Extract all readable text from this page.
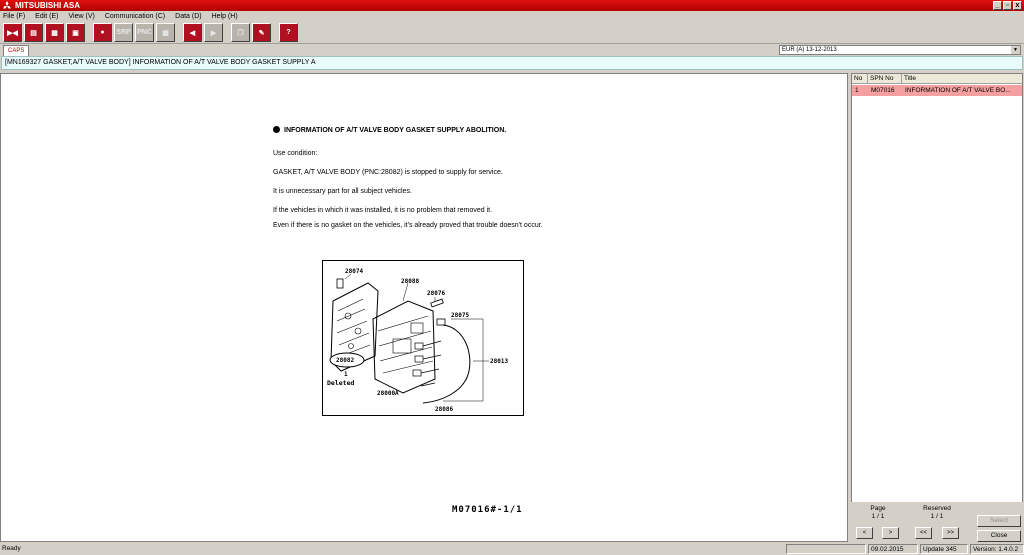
MITSUBISHI ASA	_ ▫ x
File (F) Edit (E) View (V) Communication (C) Data (D) Help (H)
▶◀ ▤ ▦ ▣	●	SRP PNC	▦	◀ ▶	❐ ✎	?
CAPS	EUR (A) 13-12-2013	▼
[MN169327 GASKET,A/T VALVE BODY] INFORMATION OF A/T VALVE BODY GASKET SUPPLY A
INFORMATION OF A/T VALVE BODY GASKET SUPPLY ABOLITION.

Use condition:

GASKET, A/T VALVE BODY (PNC:28082) is stopped to supply for service.

It is unnecessary part for all subject vehicles.

If the vehicles in which it was installed, it is no problem that removed it.

Even if there is no gasket on the vehicles, it's already proved that trouble doesn't occur.

28074
28088
28076
28075
28082
1
Deleted
28013
28000A
28086
M07016#-1/1
No	SPN No	Title
1	M07016	INFORMATION OF A/T VALVE BO...
Page
1 / 1
Reserved
1 / 1
<	>	<<	>>
Select
Close
Ready	09.02.2015	Update 345	Version: 1.4.0.2
